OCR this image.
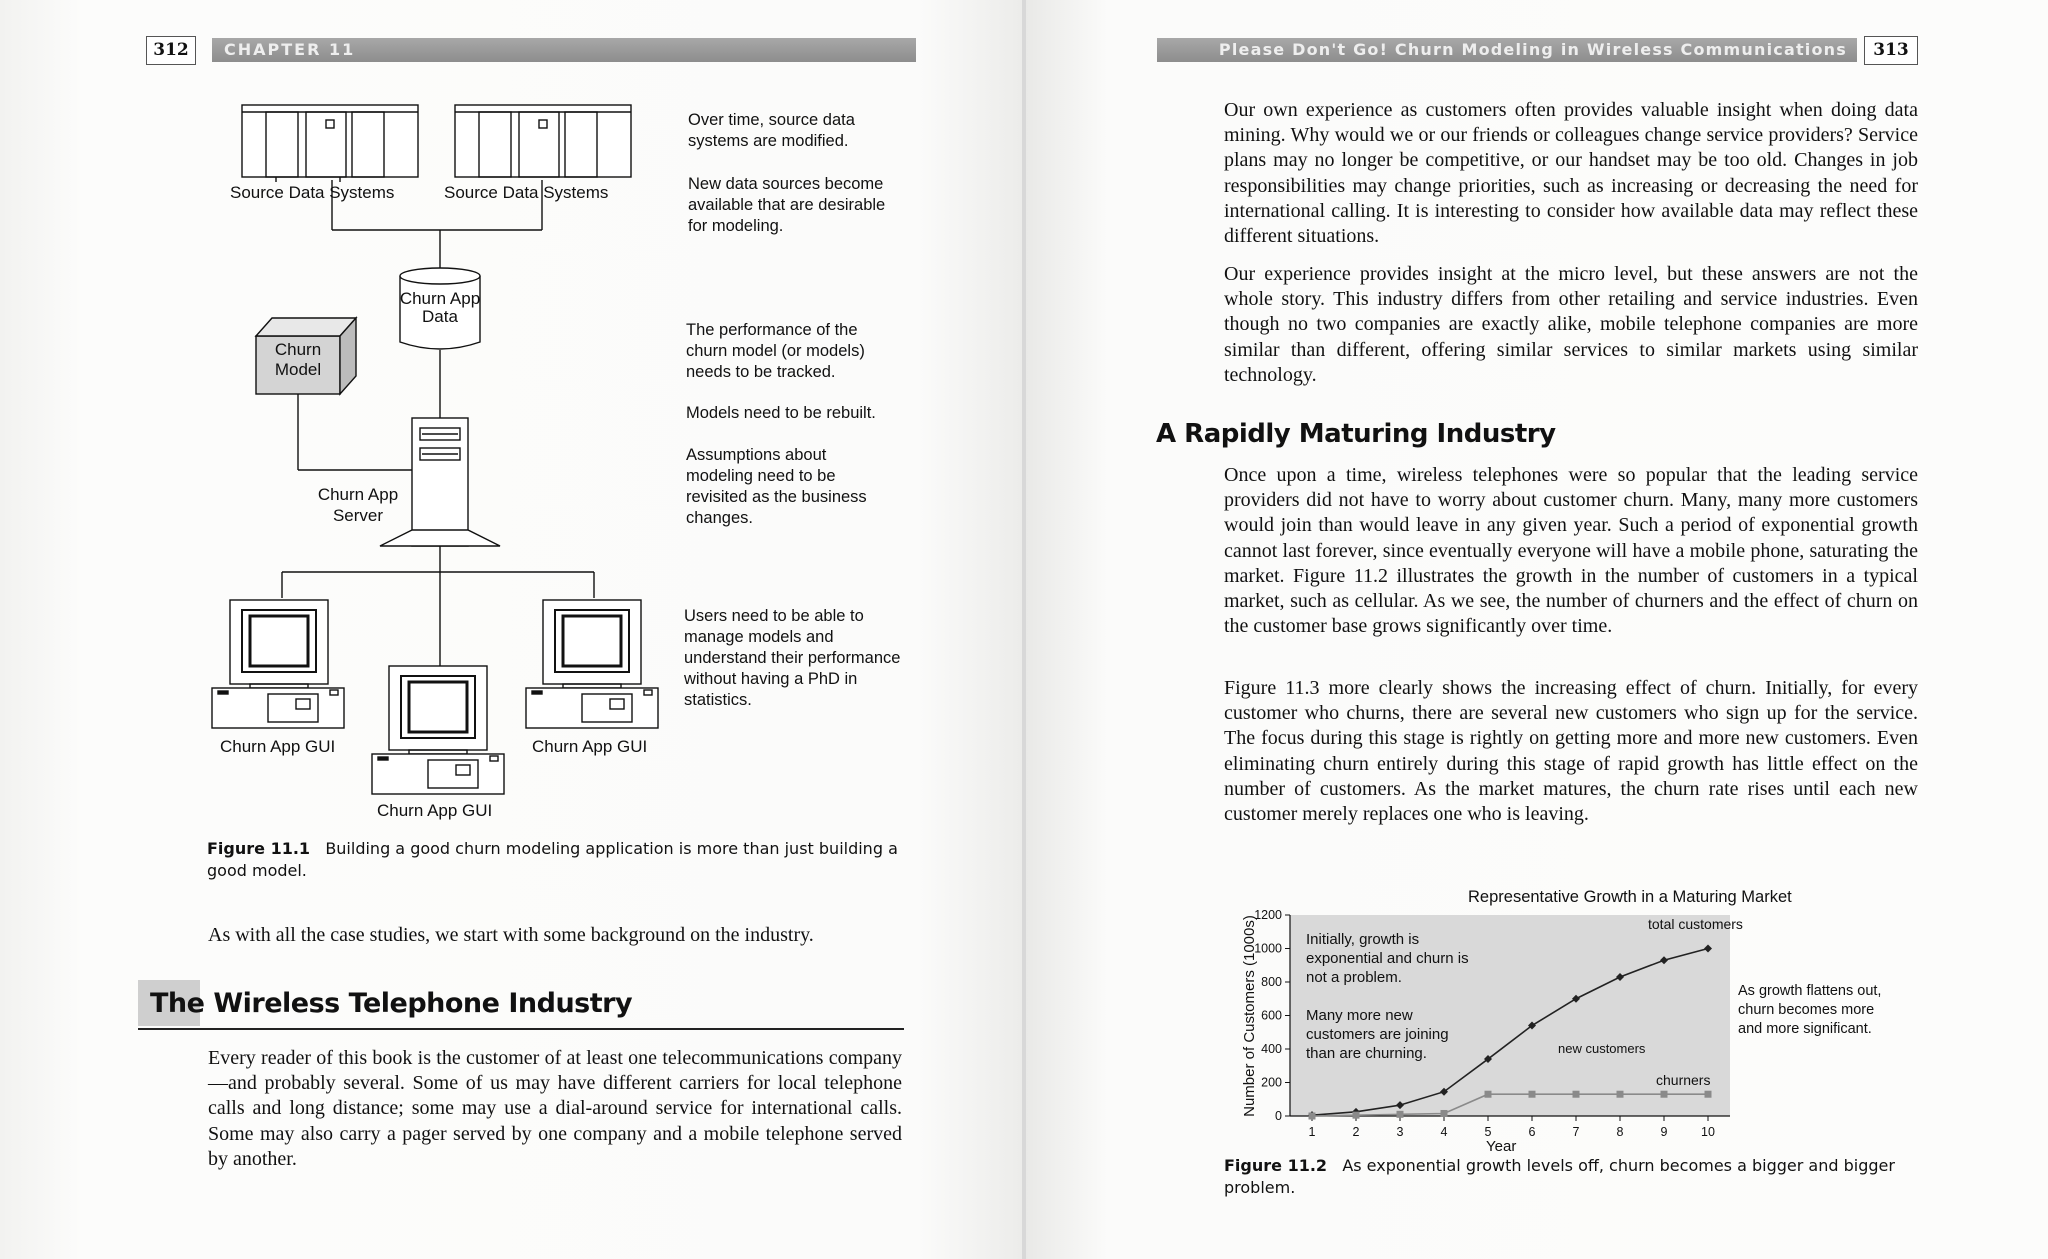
312	CHAPTER 11
Source Data Systems	Source Data Systems
Churn App Data
Churn Model
Churn App Server
Churn App GUI	Churn App GUI
Churn App GUI
Over time, source data systems are modified.
New data sources become available that are desirable for modeling.
The performance of the churn model (or models) needs to be tracked.
Models need to be rebuilt.
Assumptions about modeling need to be revisited as the business changes.
Users need to be able to manage models and understand their performance without having a PhD in statistics.
Figure 11.1 Building a good churn modeling application is more than just building a good model.

As with all the case studies, we start with some background on the industry.

The Wireless Telephone Industry

Every reader of this book is the customer of at least one telecommunications company—and probably several. Some of us may have different carriers for local telephone calls and long distance; some may use a dial-around service for international calls. Some may also carry a pager served by one company and a mobile telephone served by another.

Please Don't Go! Churn Modeling in Wireless Communications	313

Our own experience as customers often provides valuable insight when doing data mining. Why would we or our friends or colleagues change service providers? Service plans may no longer be competitive, or our handset may be too old. Changes in job responsibilities may change priorities, such as increasing or decreasing the need for international calling. It is interesting to consider how available data may reflect these different situations.

Our experience provides insight at the micro level, but these answers are not the whole story. This industry differs from other retailing and service industries. Even though no two companies are exactly alike, mobile telephone companies are more similar than different, offering similar services to similar markets using similar technology.

A Rapidly Maturing Industry

Once upon a time, wireless telephones were so popular that the leading service providers did not have to worry about customer churn. Many, many more customers would join than would leave in any given year. Such a period of exponential growth cannot last forever, since eventually everyone will have a mobile phone, saturating the market. Figure 11.2 illustrates the growth in the number of customers in a typical market, such as cellular. As we see, the number of churners and the effect of churn on the customer base grows significantly over time.

Figure 11.3 more clearly shows the increasing effect of churn. Initially, for every customer who churns, there are several new customers who sign up for the service. The focus during this stage is rightly on getting more and more new customers. Even eliminating churn entirely during this stage of rapid growth has little effect on the number of customers. As the market matures, the churn rate rises until each new customer merely replaces one who is leaving.

0
200
400
600
800
1000
1200
1	2	3	4	5	6	7	8	9	10
Representative Growth in a Maturing Market
Year
Number of Customers (1000s)	total customers
churners
new customers
Initially, growth is exponential and churn is not a problem.
Many more new customers are joining than are churning.
As growth flattens out, churn becomes more and more significant.
Figure 11.2 As exponential growth levels off, churn becomes a bigger and bigger problem.
